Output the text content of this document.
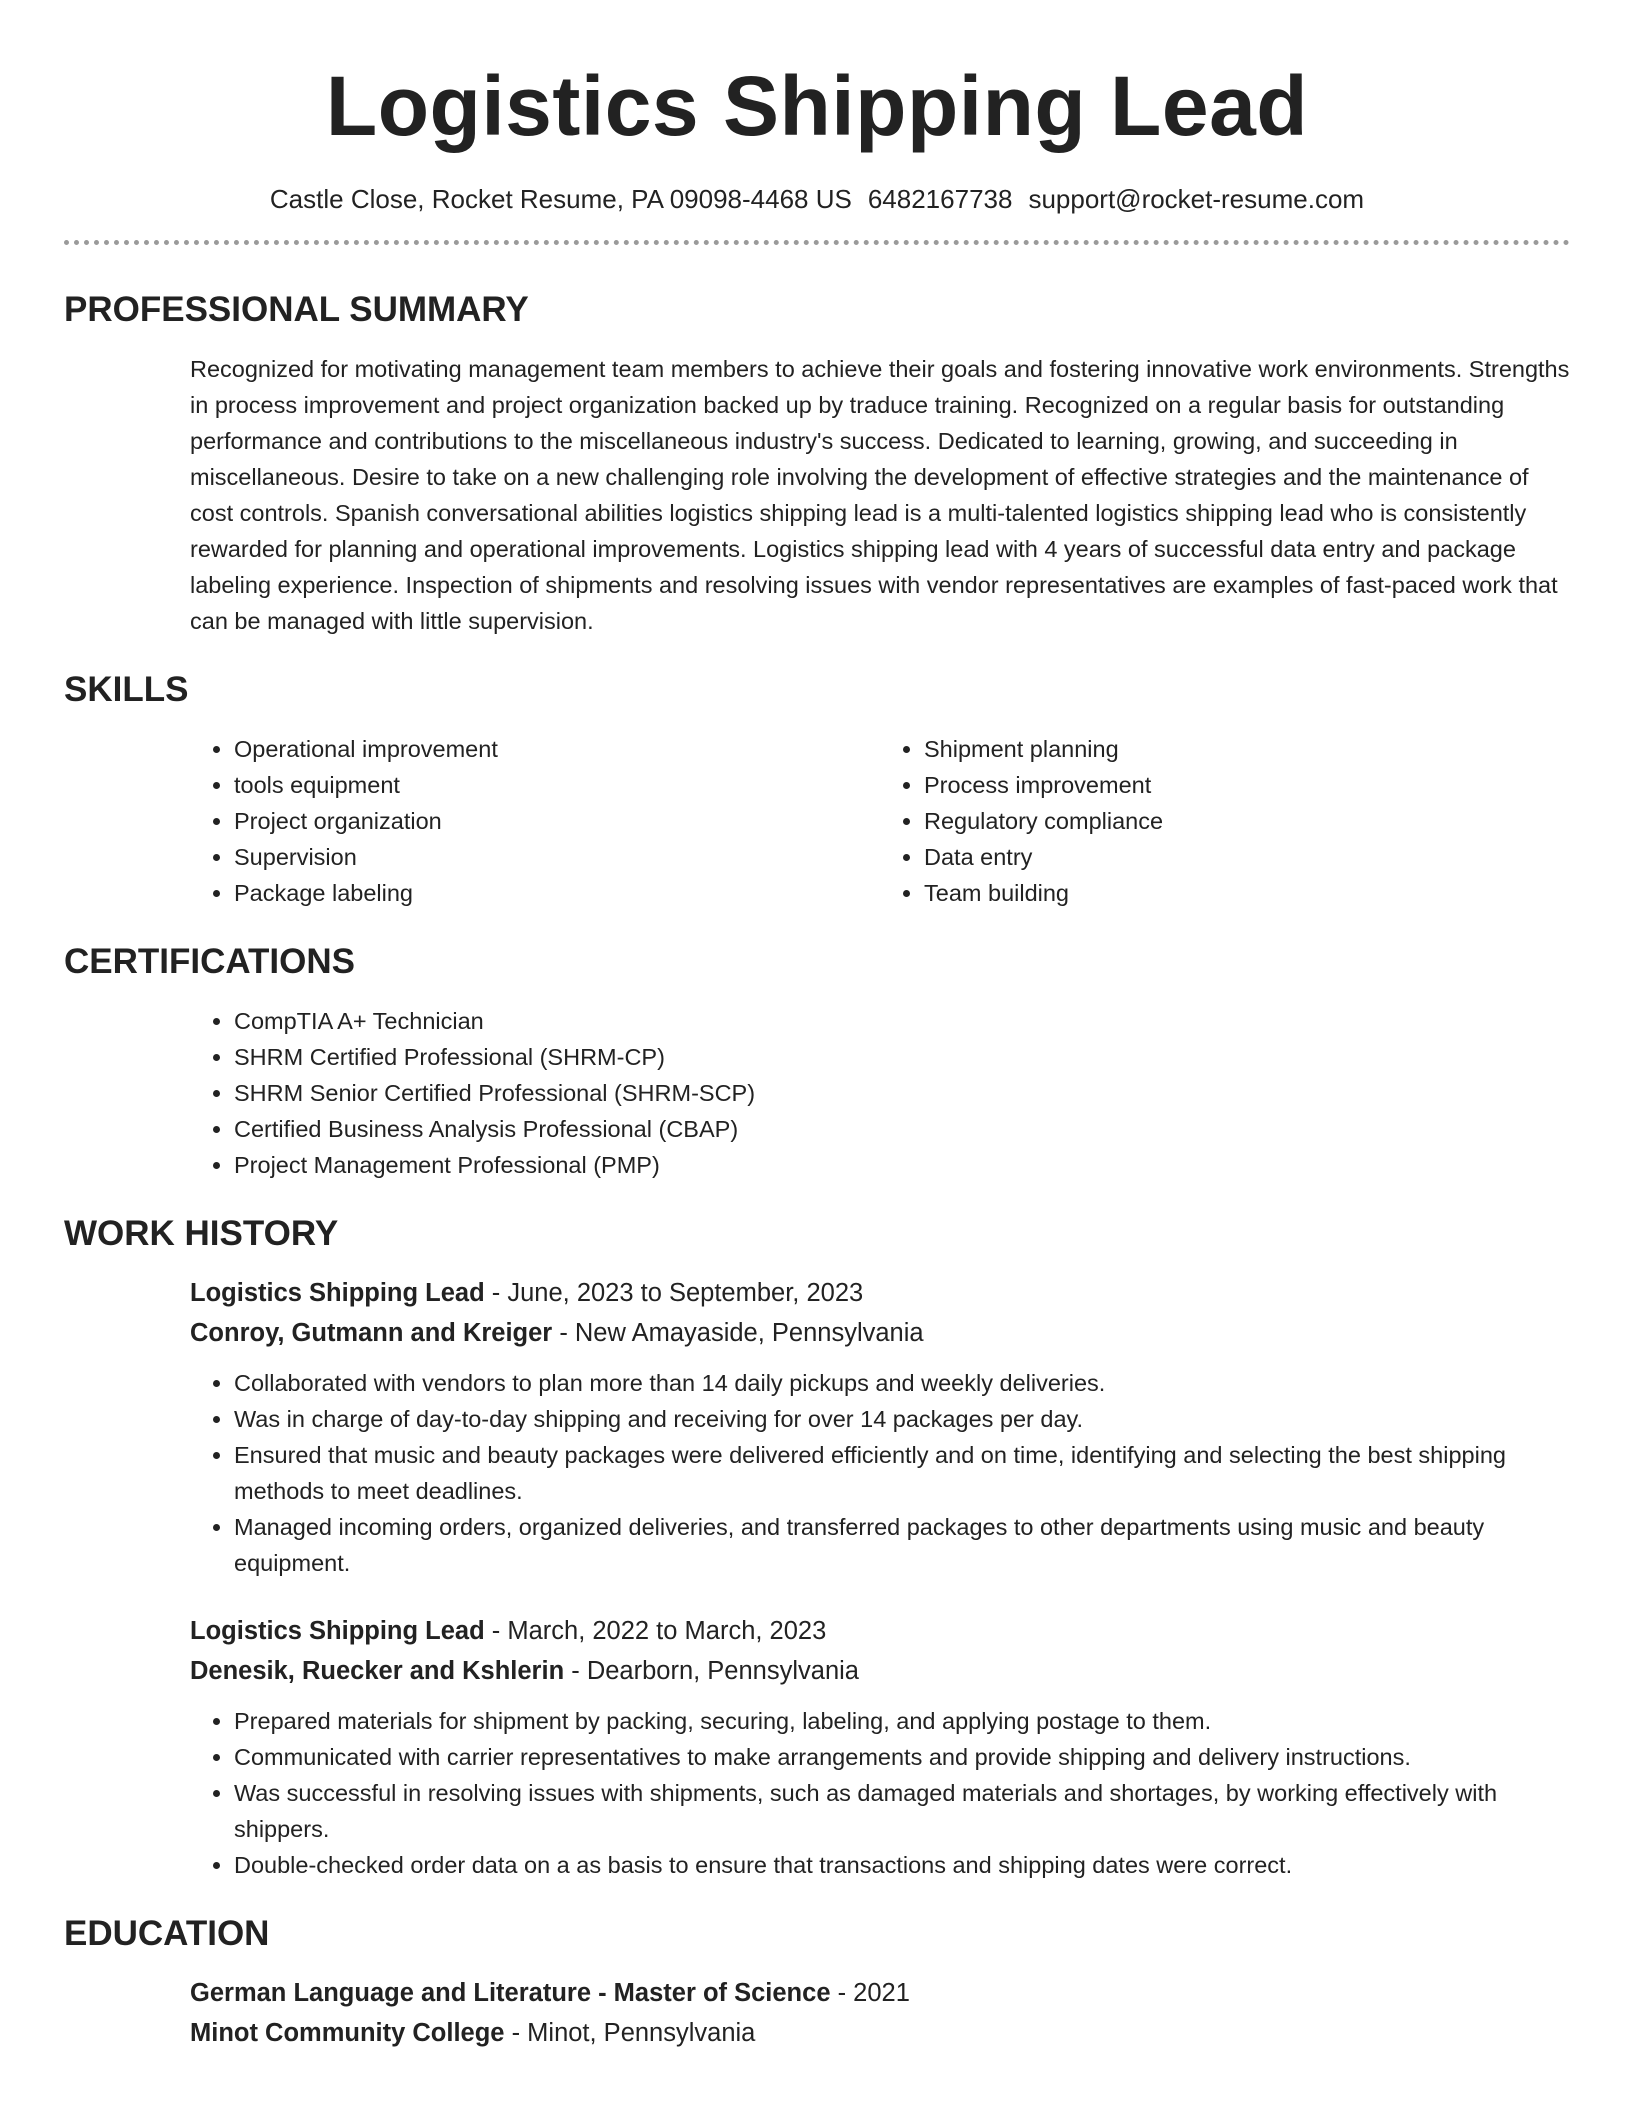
Logistics Shipping Lead
Castle Close, Rocket Resume, PA 09098-4468 US 6482167738 support@rocket-resume.com
PROFESSIONAL SUMMARY
Recognized for motivating management team members to achieve their goals and fostering innovative work environments. Strengths in process improvement and project organization backed up by traduce training. Recognized on a regular basis for outstanding performance and contributions to the miscellaneous industry's success. Dedicated to learning, growing, and succeeding in miscellaneous. Desire to take on a new challenging role involving the development of effective strategies and the maintenance of cost controls. Spanish conversational abilities logistics shipping lead is a multi-talented logistics shipping lead who is consistently rewarded for planning and operational improvements. Logistics shipping lead with 4 years of successful data entry and package labeling experience. Inspection of shipments and resolving issues with vendor representatives are examples of fast-paced work that can be managed with little supervision.
SKILLS
• Operational improvement
• tools equipment
• Project organization
• Supervision
• Package labeling
• Shipment planning
• Process improvement
• Regulatory compliance
• Data entry
• Team building
CERTIFICATIONS
• CompTIA A+ Technician
• SHRM Certified Professional (SHRM-CP)
• SHRM Senior Certified Professional (SHRM-SCP)
• Certified Business Analysis Professional (CBAP)
• Project Management Professional (PMP)
WORK HISTORY
Logistics Shipping Lead - June, 2023 to September, 2023
Conroy, Gutmann and Kreiger - New Amayaside, Pennsylvania
• Collaborated with vendors to plan more than 14 daily pickups and weekly deliveries.
• Was in charge of day-to-day shipping and receiving for over 14 packages per day.
• Ensured that music and beauty packages were delivered efficiently and on time, identifying and selecting the best shipping methods to meet deadlines.
• Managed incoming orders, organized deliveries, and transferred packages to other departments using music and beauty equipment.
Logistics Shipping Lead - March, 2022 to March, 2023
Denesik, Ruecker and Kshlerin - Dearborn, Pennsylvania
• Prepared materials for shipment by packing, securing, labeling, and applying postage to them.
• Communicated with carrier representatives to make arrangements and provide shipping and delivery instructions.
• Was successful in resolving issues with shipments, such as damaged materials and shortages, by working effectively with shippers.
• Double-checked order data on a as basis to ensure that transactions and shipping dates were correct.
EDUCATION
German Language and Literature - Master of Science - 2021
Minot Community College - Minot, Pennsylvania
